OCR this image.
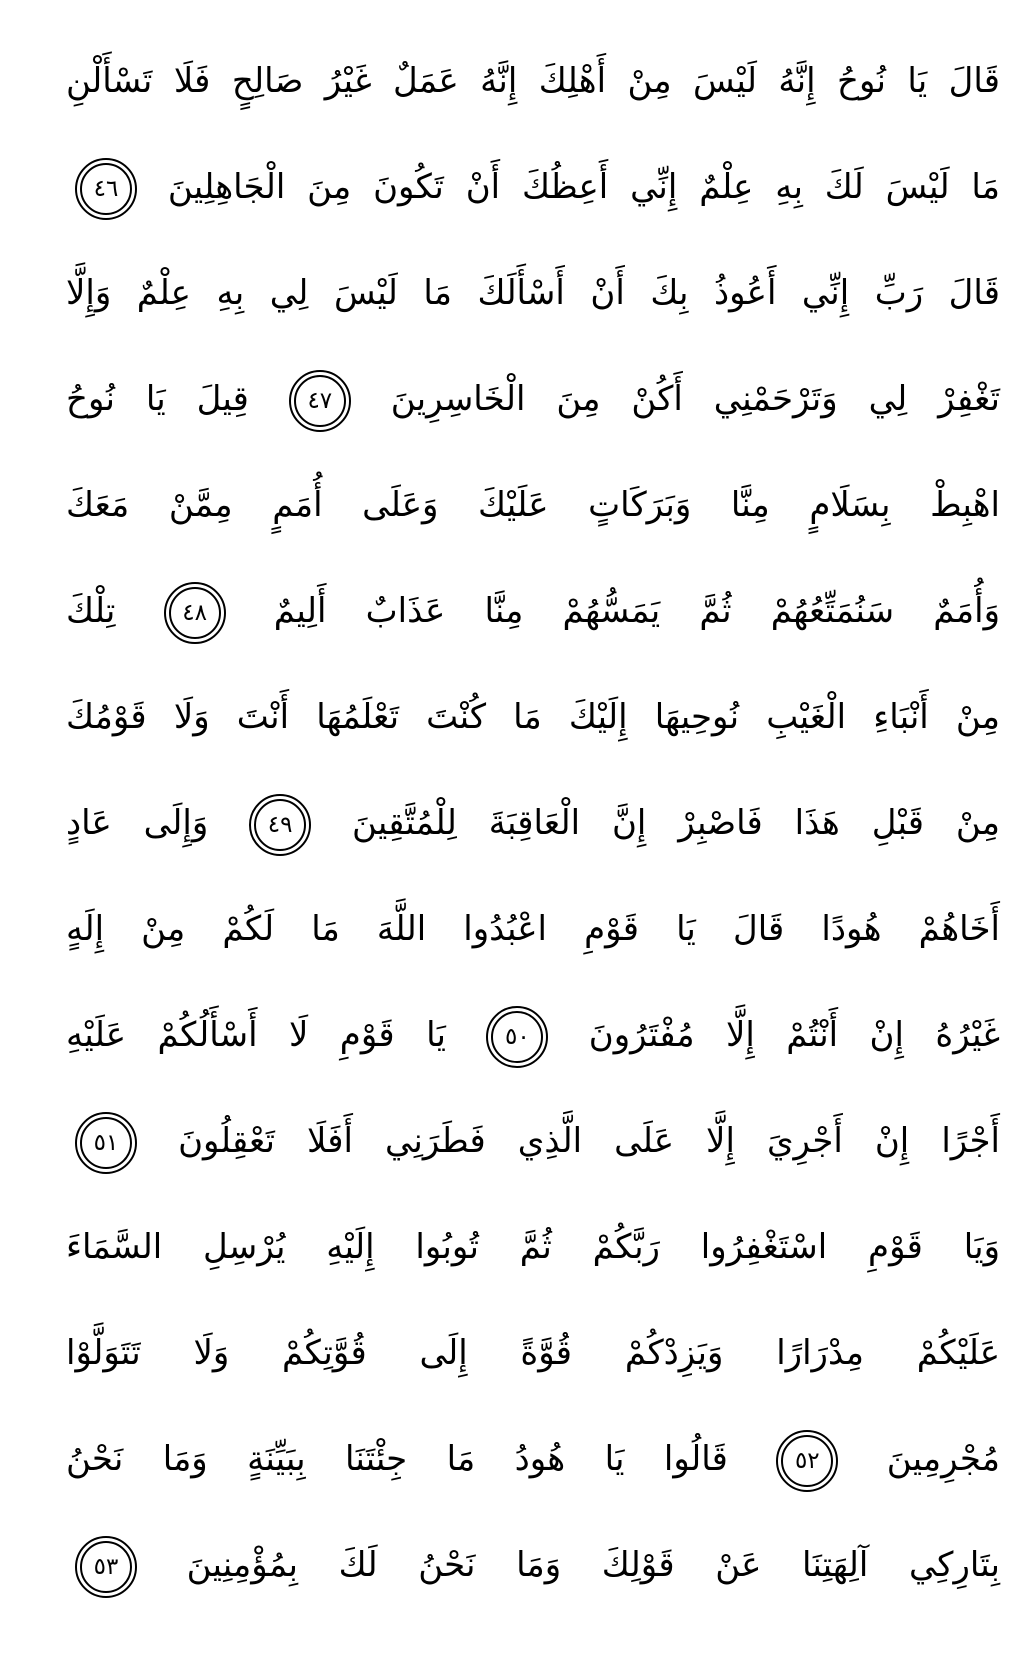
قَالَ يَا نُوحُ إِنَّهُ لَيْسَ مِنْ أَهْلِكَ إِنَّهُ عَمَلٌ غَيْرُ صَالِحٍ فَلَا تَسْأَلْنِ
مَا لَيْسَ لَكَ بِهِ عِلْمٌ إِنِّي أَعِظُكَ أَنْ تَكُونَ مِنَ الْجَاهِلِينَ
٤٦
قَالَ رَبِّ إِنِّي أَعُوذُ بِكَ أَنْ أَسْأَلَكَ مَا لَيْسَ لِي بِهِ عِلْمٌ وَإِلَّا
تَغْفِرْ لِي وَتَرْحَمْنِي أَكُنْ مِنَ الْخَاسِرِينَ
٤٧
قِيلَ يَا نُوحُ
اهْبِطْ بِسَلَامٍ مِنَّا وَبَرَكَاتٍ عَلَيْكَ وَعَلَى أُمَمٍ مِمَّنْ مَعَكَ
وَأُمَمٌ سَنُمَتِّعُهُمْ ثُمَّ يَمَسُّهُمْ مِنَّا عَذَابٌ أَلِيمٌ
٤٨
تِلْكَ
مِنْ أَنْبَاءِ الْغَيْبِ نُوحِيهَا إِلَيْكَ مَا كُنْتَ تَعْلَمُهَا أَنْتَ وَلَا قَوْمُكَ
مِنْ قَبْلِ هَذَا فَاصْبِرْ إِنَّ الْعَاقِبَةَ لِلْمُتَّقِينَ
٤٩
وَإِلَى عَادٍ
أَخَاهُمْ هُودًا قَالَ يَا قَوْمِ اعْبُدُوا اللَّهَ مَا لَكُمْ مِنْ إِلَهٍ
غَيْرُهُ إِنْ أَنْتُمْ إِلَّا مُفْتَرُونَ
٥٠
يَا قَوْمِ لَا أَسْأَلُكُمْ عَلَيْهِ
أَجْرًا إِنْ أَجْرِيَ إِلَّا عَلَى الَّذِي فَطَرَنِي أَفَلَا تَعْقِلُونَ
٥١
وَيَا قَوْمِ اسْتَغْفِرُوا رَبَّكُمْ ثُمَّ تُوبُوا إِلَيْهِ يُرْسِلِ السَّمَاءَ
عَلَيْكُمْ مِدْرَارًا وَيَزِدْكُمْ قُوَّةً إِلَى قُوَّتِكُمْ وَلَا تَتَوَلَّوْا
مُجْرِمِينَ
٥٢
قَالُوا يَا هُودُ مَا جِئْتَنَا بِبَيِّنَةٍ وَمَا نَحْنُ
بِتَارِكِي آلِهَتِنَا عَنْ قَوْلِكَ وَمَا نَحْنُ لَكَ بِمُؤْمِنِينَ
٥٣
